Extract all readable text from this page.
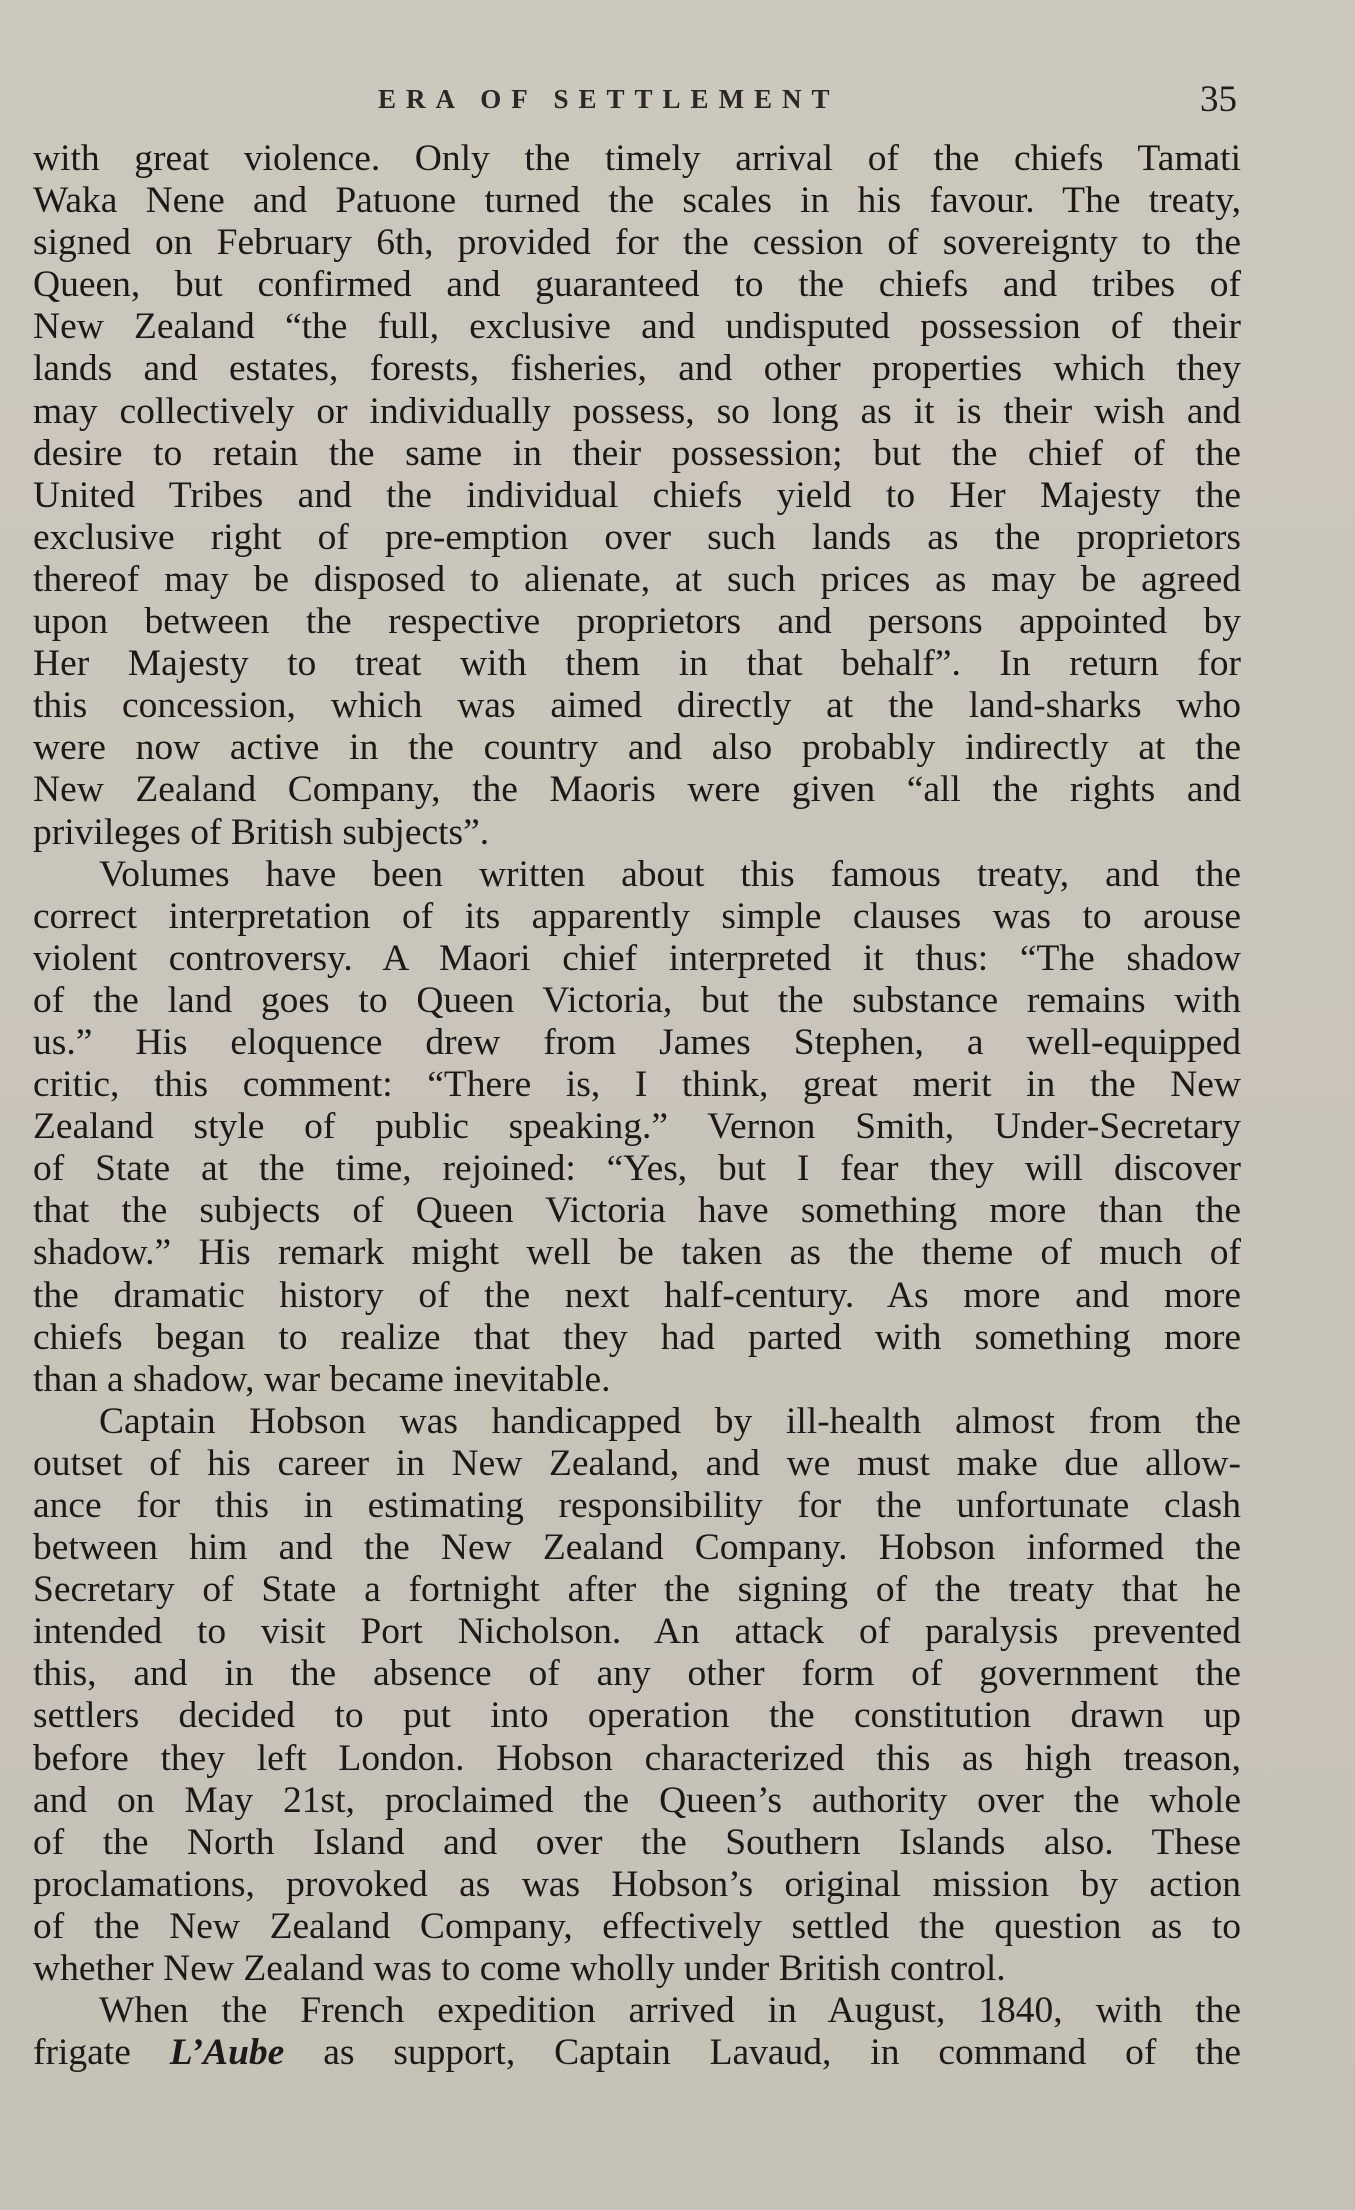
ERA OF SETTLEMENT	35
with great violence. Only the timely arrival of the chiefs Tamati
Waka Nene and Patuone turned the scales in his favour. The treaty,
signed on February 6th, provided for the cession of sovereignty to the
Queen, but confirmed and guaranteed to the chiefs and tribes of
New Zealand “the full, exclusive and undisputed possession of their
lands and estates, forests, fisheries, and other properties which they
may collectively or individually possess, so long as it is their wish and
desire to retain the same in their possession; but the chief of the
United Tribes and the individual chiefs yield to Her Majesty the
exclusive right of pre-emption over such lands as the proprietors
thereof may be disposed to alienate, at such prices as may be agreed
upon between the respective proprietors and persons appointed by
Her Majesty to treat with them in that behalf”. In return for
this concession, which was aimed directly at the land-sharks who
were now active in the country and also probably indirectly at the
New Zealand Company, the Maoris were given “all the rights and
privileges of British subjects”.
Volumes have been written about this famous treaty, and the
correct interpretation of its apparently simple clauses was to arouse
violent controversy. A Maori chief interpreted it thus: “The shadow
of the land goes to Queen Victoria, but the substance remains with
us.” His eloquence drew from James Stephen, a well-equipped
critic, this comment: “There is, I think, great merit in the New
Zealand style of public speaking.” Vernon Smith, Under-Secretary
of State at the time, rejoined: “Yes, but I fear they will discover
that the subjects of Queen Victoria have something more than the
shadow.” His remark might well be taken as the theme of much of
the dramatic history of the next half-century. As more and more
chiefs began to realize that they had parted with something more
than a shadow, war became inevitable.
Captain Hobson was handicapped by ill-health almost from the
outset of his career in New Zealand, and we must make due allow-
ance for this in estimating responsibility for the unfortunate clash
between him and the New Zealand Company. Hobson informed the
Secretary of State a fortnight after the signing of the treaty that he
intended to visit Port Nicholson. An attack of paralysis prevented
this, and in the absence of any other form of government the
settlers decided to put into operation the constitution drawn up
before they left London. Hobson characterized this as high treason,
and on May 21st, proclaimed the Queen’s authority over the whole
of the North Island and over the Southern Islands also. These
proclamations, provoked as was Hobson’s original mission by action
of the New Zealand Company, effectively settled the question as to
whether New Zealand was to come wholly under British control.
When the French expedition arrived in August, 1840, with the
frigate L’Aube as support, Captain Lavaud, in command of the
